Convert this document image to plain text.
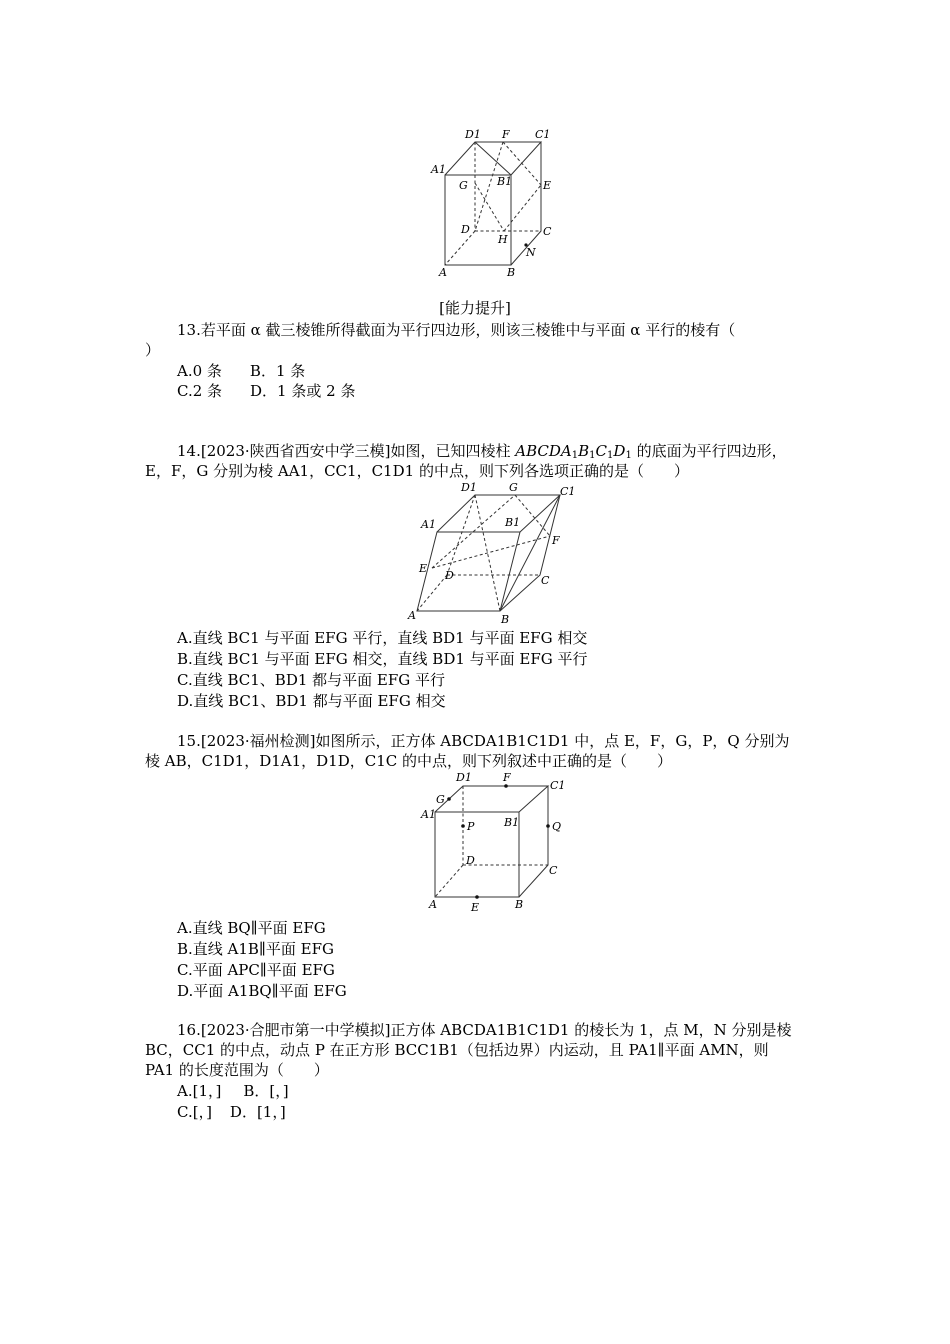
D1 F C1
A1
G	B1	E
D	C
H
N
A	B
[能力提升]
13.若平面 α 截三棱锥所得截面为平行四边形，则该三棱锥中与平面 α 平行的棱有（
）
A.0 条 B．1 条
C.2 条 D．1 条或 2 条
14.[2023·陕西省西安中学三模]如图，已知四棱柱 $ABCDA_1B_1C_1D_1$ 的底面为平行四边形，
E，F，G 分别为棱 AA1，CC1，C1D1 的中点，则下列各选项正确的是（　　）
D1	G	C1
A1	B1
F
E
D	C
A	B
A.直线 BC1 与平面 EFG 平行，直线 BD1 与平面 EFG 相交
B.直线 BC1 与平面 EFG 相交，直线 BD1 与平面 EFG 平行
C.直线 BC1、BD1 都与平面 EFG 平行
D.直线 BC1、BD1 都与平面 EFG 相交
15.[2023·福州检测]如图所示，正方体 ABCDA1B1C1D1 中，点 E，F，G，P，Q 分别为
棱 AB，C1D1，D1A1，D1D，C1C 的中点，则下列叙述中正确的是（　　）
D1	F
C1
G
A1
P	B1	Q
D
C
A	E	B
A.直线 BQ∥平面 EFG
B.直线 A1B∥平面 EFG
C.平面 APC∥平面 EFG
D.平面 A1BQ∥平面 EFG
16.[2023·合肥市第一中学模拟]正方体 ABCDA1B1C1D1 的棱长为 1，点 M，N 分别是棱
BC，CC1 的中点，动点 P 在正方形 BCC1B1（包括边界）内运动，且 PA1∥平面 AMN，则
PA1 的长度范围为（　　）
A.[1，] B．[，]
C.[，] D．[1，]
